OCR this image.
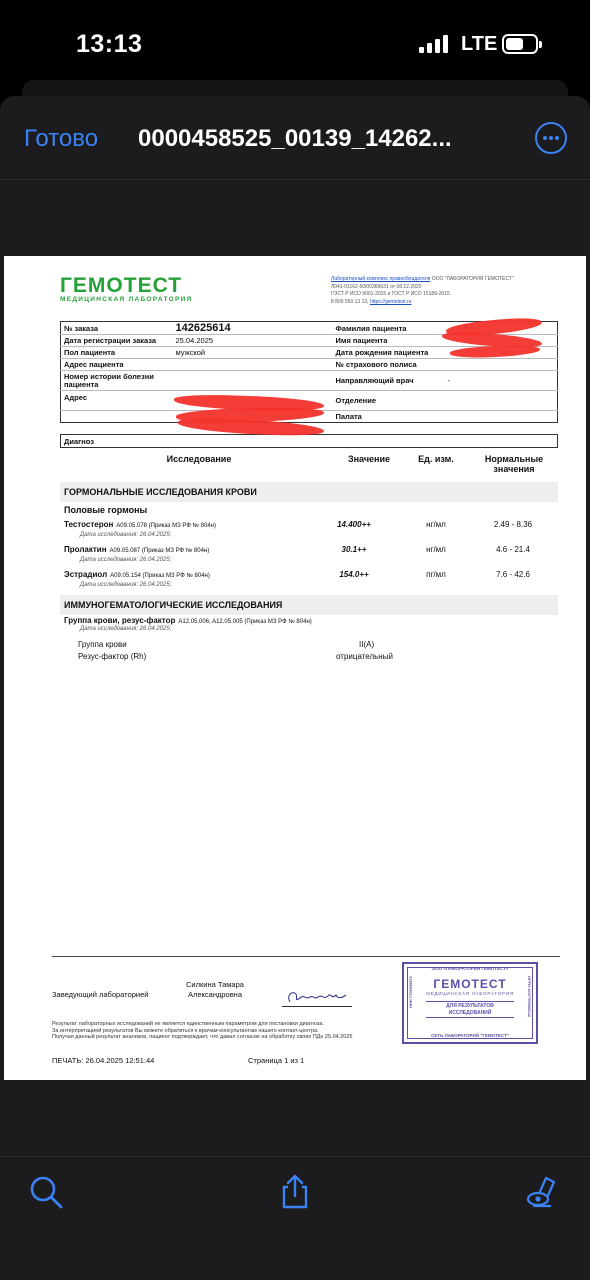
13:13	LTE
Готово 0000458525_00139_14262...
ГЕМОТЕСТ
МЕДИЦИНСКАЯ ЛАБОРАТОРИЯ
Лабораторный комплекс правообладателя ООО "ЛАБОРАТОРИЯ ГЕМОТЕСТ"
Л041-01162-50/00369631 от 08.12.2020
ГОСТ Р ИСО 9001-2015 и ГОСТ Р ИСО 15189-2015
8 800 550 13 13, https://gemotest.ru
№ заказа	142625614	Фамилия пациента	
Дата регистрации заказа	25.04.2025	Имя пациента	
Пол пациента	мужской	Дата рождения пациента	
Адрес пациента		№ страхового полиса	
Номер истории болезни пациента		Направляющий врач	-
Адрес		Отделение	
		Палата	
Диагноз
Исследование	Значение	Ед. изм.	Нормальные значения
ГОРМОНАЛЬНЫЕ ИССЛЕДОВАНИЯ КРОВИ
Половые гормоны
Тестостерон A09.05.078 (Приказ МЗ РФ № 804н)
Дата исследования: 26.04.2025;
14.400++	нг/мл	2.49 - 8.36
Пролактин A09.05.087 (Приказ МЗ РФ № 804н)
Дата исследования: 26.04.2025;
30.1++	нг/мл	4.6 - 21.4
Эстрадиол A09.05.154 (Приказ МЗ РФ № 804н)
Дата исследования: 26.04.2025;
154.0++	пг/мл	7.6 - 42.6
ИММУНОГЕМАТОЛОГИЧЕСКИЕ ИССЛЕДОВАНИЯ
Группа крови, резус-фактор A12.05.006, A12.05.005 (Приказ МЗ РФ № 804н)
Дата исследования: 26.04.2025;
Группа крови	II(A)
Резус-фактор (Rh)	отрицательный
Заведующий лабораторией
Силкина Тамара
Александровна
Результат лабораторных исследований не является единственным параметром для постановки диагноза.
За интерпретацией результатов Вы можете обратиться к врачам-консультантам нашего контакт-центра.
Получая данный результат анализов, пациент подтверждает, что давал согласие на обработку своих ПДн 25.04.2025
ПЕЧАТЬ: 26.04.2025 12:51:44	Страница 1 из 1
ООО «ЛАБОРАТОРИЯ ГЕМОТЕСТ»
ГЕМОТЕСТ
МЕДИЦИНСКАЯ ЛАБОРАТОРИЯ
ДЛЯ РЕЗУЛЬТАТОВ
ИССЛЕДОВАНИЙ
СЕТЬ ЛАБОРАТОРИЙ "ГЕМОТЕСТ"
ИНН 7709935571	ОГРН 1037709008442
